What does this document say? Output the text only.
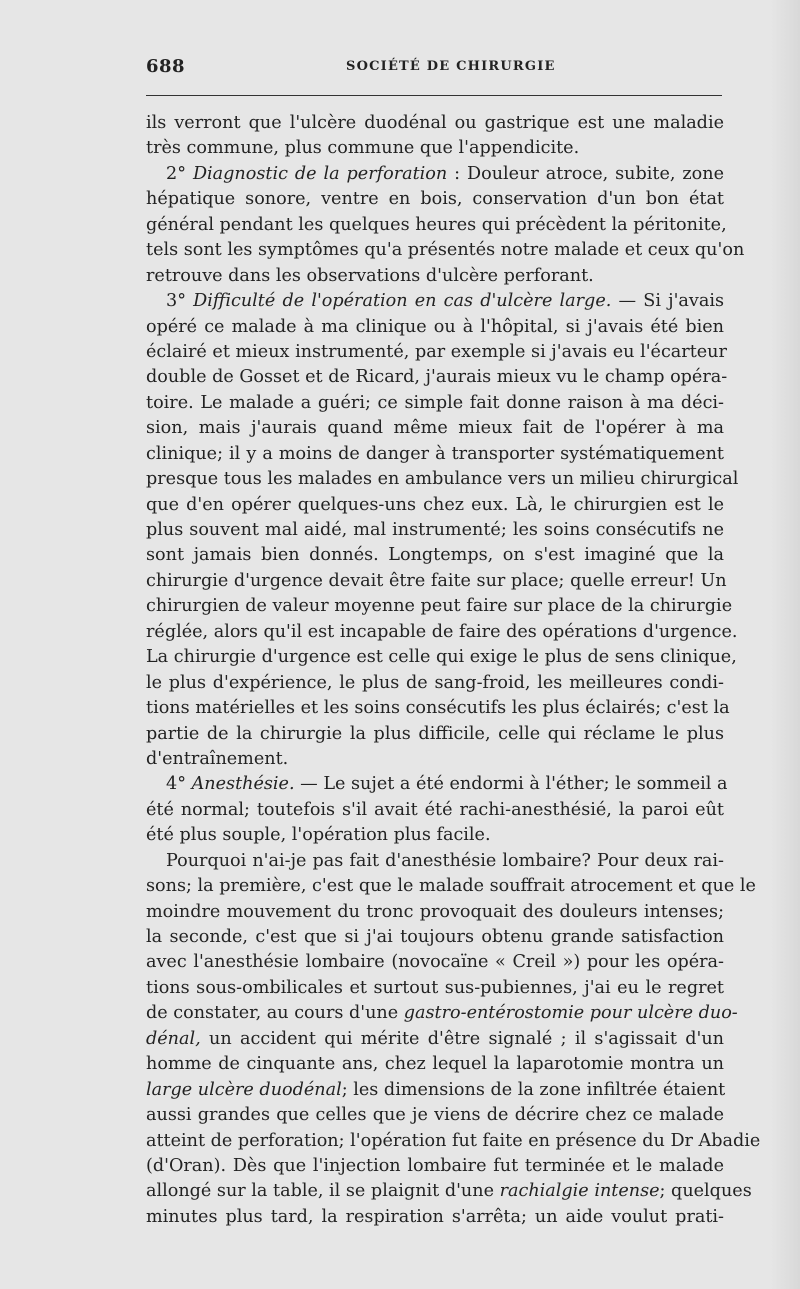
688	SOCIÉTÉ DE CHIRURGIE
ils verront que l'ulcère duodénal ou gastrique est une maladie
très commune, plus commune que l'appendicite.
2° Diagnostic de la perforation : Douleur atroce, subite, zone
hépatique sonore, ventre en bois, conservation d'un bon état
général pendant les quelques heures qui précèdent la péritonite,
tels sont les symptômes qu'a présentés notre malade et ceux qu'on
retrouve dans les observations d'ulcère perforant.
3° Difficulté de l'opération en cas d'ulcère large. — Si j'avais
opéré ce malade à ma clinique ou à l'hôpital, si j'avais été bien
éclairé et mieux instrumenté, par exemple si j'avais eu l'écarteur
double de Gosset et de Ricard, j'aurais mieux vu le champ opéra-
toire. Le malade a guéri; ce simple fait donne raison à ma déci-
sion, mais j'aurais quand même mieux fait de l'opérer à ma
clinique; il y a moins de danger à transporter systématiquement
presque tous les malades en ambulance vers un milieu chirurgical
que d'en opérer quelques-uns chez eux. Là, le chirurgien est le
plus souvent mal aidé, mal instrumenté; les soins consécutifs ne
sont jamais bien donnés. Longtemps, on s'est imaginé que la
chirurgie d'urgence devait être faite sur place; quelle erreur! Un
chirurgien de valeur moyenne peut faire sur place de la chirurgie
réglée, alors qu'il est incapable de faire des opérations d'urgence.
La chirurgie d'urgence est celle qui exige le plus de sens clinique,
le plus d'expérience, le plus de sang-froid, les meilleures condi-
tions matérielles et les soins consécutifs les plus éclairés; c'est la
partie de la chirurgie la plus difficile, celle qui réclame le plus
d'entraînement.
4° Anesthésie. — Le sujet a été endormi à l'éther; le sommeil a
été normal; toutefois s'il avait été rachi-anesthésié, la paroi eût
été plus souple, l'opération plus facile.
Pourquoi n'ai-je pas fait d'anesthésie lombaire? Pour deux rai-
sons; la première, c'est que le malade souffrait atrocement et que le
moindre mouvement du tronc provoquait des douleurs intenses;
la seconde, c'est que si j'ai toujours obtenu grande satisfaction
avec l'anesthésie lombaire (novocaïne « Creil ») pour les opéra-
tions sous-ombilicales et surtout sus-pubiennes, j'ai eu le regret
de constater, au cours d'une gastro-entérostomie pour ulcère duo-
dénal, un accident qui mérite d'être signalé ; il s'agissait d'un
homme de cinquante ans, chez lequel la laparotomie montra un
large ulcère duodénal; les dimensions de la zone infiltrée étaient
aussi grandes que celles que je viens de décrire chez ce malade
atteint de perforation; l'opération fut faite en présence du Dr Abadie
(d'Oran). Dès que l'injection lombaire fut terminée et le malade
allongé sur la table, il se plaignit d'une rachialgie intense; quelques
minutes plus tard, la respiration s'arrêta; un aide voulut prati-
